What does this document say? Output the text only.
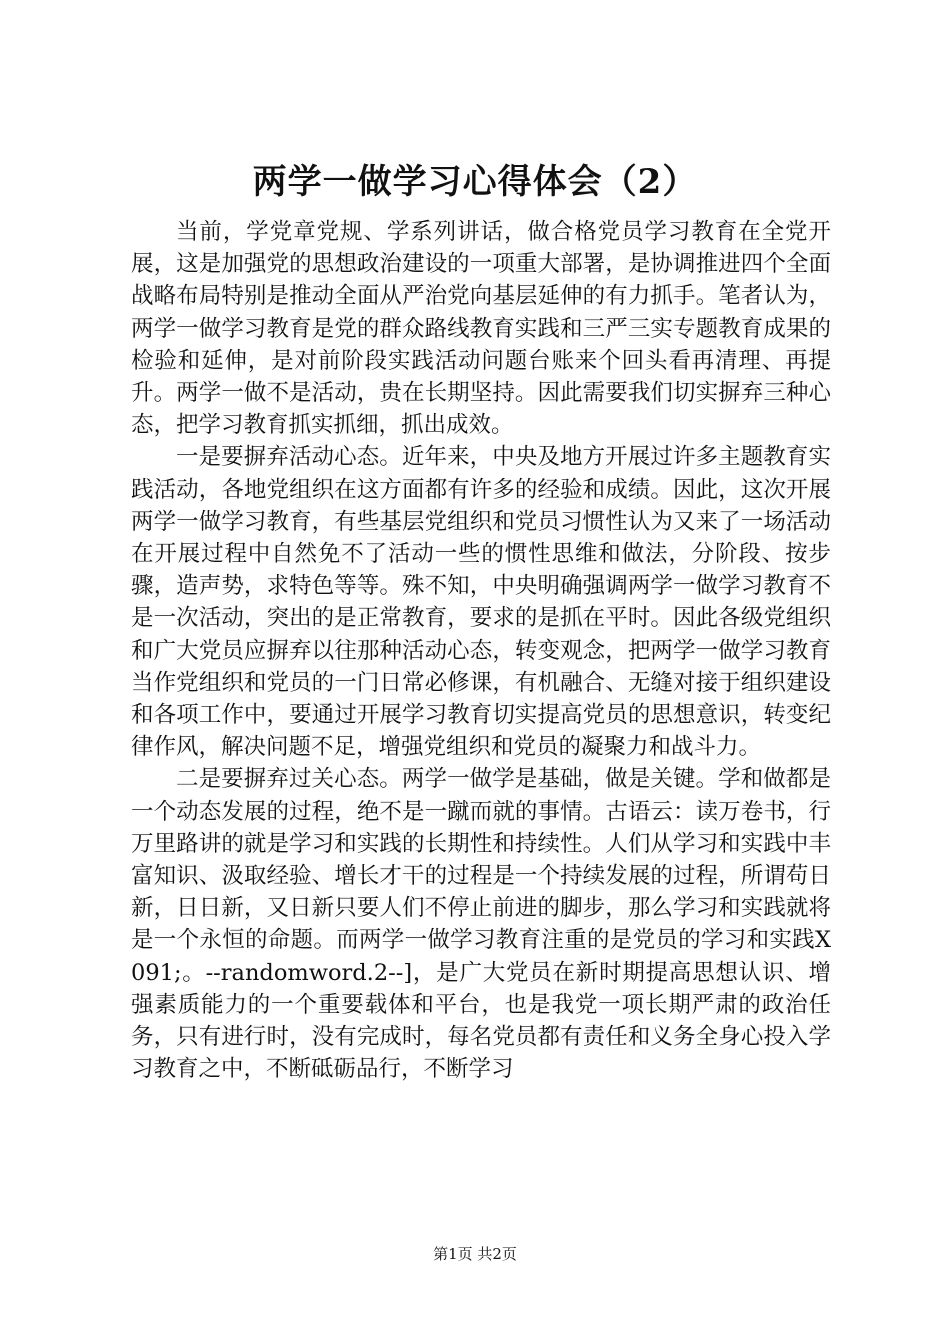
两学一做学习心得体会（2）

当前，学党章党规、学系列讲话，做合格党员学习教育在全党开展，这是加强党的思想政治建设的一项重大部署，是协调推进四个全面战略布局特别是推动全面从严治党向基层延伸的有力抓手。笔者认为，两学一做学习教育是党的群众路线教育实践和三严三实专题教育成果的检验和延伸，是对前阶段实践活动问题台账来个回头看再清理、再提升。两学一做不是活动，贵在长期坚持。因此需要我们切实摒弃三种心态，把学习教育抓实抓细，抓出成效。

一是要摒弃活动心态。近年来，中央及地方开展过许多主题教育实践活动，各地党组织在这方面都有许多的经验和成绩。因此，这次开展两学一做学习教育，有些基层党组织和党员习惯性认为又来了一场活动在开展过程中自然免不了活动一些的惯性思维和做法，分阶段、按步骤，造声势，求特色等等。殊不知，中央明确强调两学一做学习教育不是一次活动，突出的是正常教育，要求的是抓在平时。因此各级党组织和广大党员应摒弃以往那种活动心态，转变观念，把两学一做学习教育当作党组织和党员的一门日常必修课，有机融合、无缝对接于组织建设和各项工作中，要通过开展学习教育切实提高党员的思想意识，转变纪律作风，解决问题不足，增强党组织和党员的凝聚力和战斗力。

二是要摒弃过关心态。两学一做学是基础，做是关键。学和做都是一个动态发展的过程，绝不是一蹴而就的事情。古语云：读万卷书，行万里路讲的就是学习和实践的长期性和持续性。人们从学习和实践中丰富知识、汲取经验、增长才干的过程是一个持续发展的过程，所谓苟日新，日日新，又日新只要人们不停止前进的脚步，那么学习和实践就将是一个永恒的命题。而两学一做学习教育注重的是党员的学习和实践X091;。--randomword.2--]，是广大党员在新时期提高思想认识、增强素质能力的一个重要载体和平台，也是我党一项长期严肃的政治任务，只有进行时，没有完成时，每名党员都有责任和义务全身心投入学习教育之中，不断砥砺品行，不断学习

第1页 共2页
